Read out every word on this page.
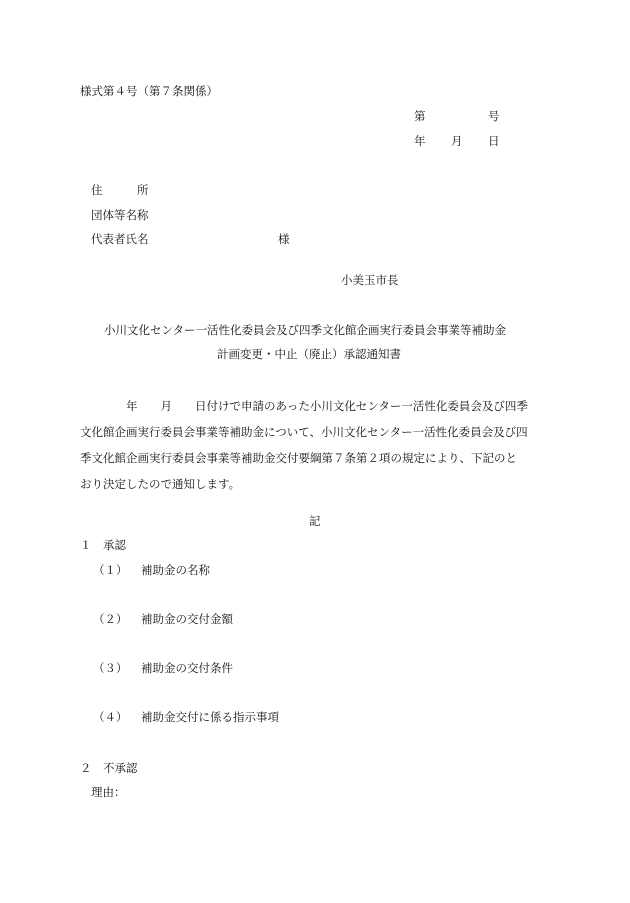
様式第４号（第７条関係）
第	号
年 月 日
住　　　所
団体等名称
代表者氏名	様
小美玉市長
小川文化センター一活性化委員会及び四季文化館企画実行委員会事業等補助金
計画変更・中止（廃止）承認通知書
　　　　年　　月　　日付けで申請のあった小川文化センター一活性化委員会及び四季
文化館企画実行委員会事業等補助金について、小川文化センター一活性化委員会及び四
季文化館企画実行委員会事業等補助金交付要綱第７条第２項の規定により、下記のと
おり決定したので通知します。
記
１　承認
（１） 補助金の名称
（２） 補助金の交付金額
（３） 補助金の交付条件
（４） 補助金交付に係る指示事項
２　不承認
理由：
